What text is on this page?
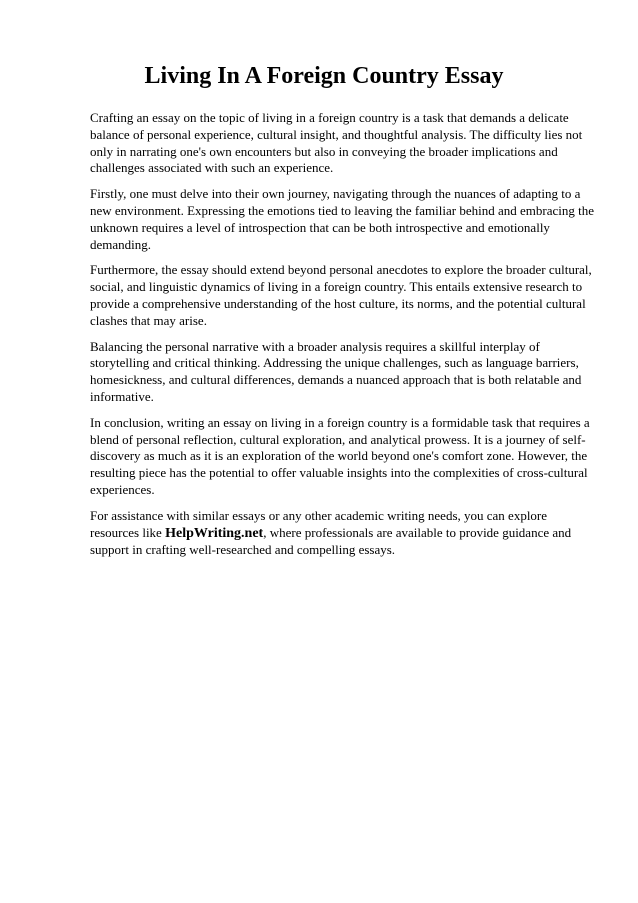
Living In A Foreign Country Essay

Crafting an essay on the topic of living in a foreign country is a task that demands a delicate balance of personal experience, cultural insight, and thoughtful analysis. The difficulty lies not only in narrating one's own encounters but also in conveying the broader implications and challenges associated with such an experience.

Firstly, one must delve into their own journey, navigating through the nuances of adapting to a new environment. Expressing the emotions tied to leaving the familiar behind and embracing the unknown requires a level of introspection that can be both introspective and emotionally demanding.

Furthermore, the essay should extend beyond personal anecdotes to explore the broader cultural, social, and linguistic dynamics of living in a foreign country. This entails extensive research to provide a comprehensive understanding of the host culture, its norms, and the potential cultural clashes that may arise.

Balancing the personal narrative with a broader analysis requires a skillful interplay of storytelling and critical thinking. Addressing the unique challenges, such as language barriers, homesickness, and cultural differences, demands a nuanced approach that is both relatable and informative.

In conclusion, writing an essay on living in a foreign country is a formidable task that requires a blend of personal reflection, cultural exploration, and analytical prowess. It is a journey of self-discovery as much as it is an exploration of the world beyond one's comfort zone. However, the resulting piece has the potential to offer valuable insights into the complexities of cross-cultural experiences.

For assistance with similar essays or any other academic writing needs, you can explore resources like HelpWriting.net, where professionals are available to provide guidance and support in crafting well-researched and compelling essays.
